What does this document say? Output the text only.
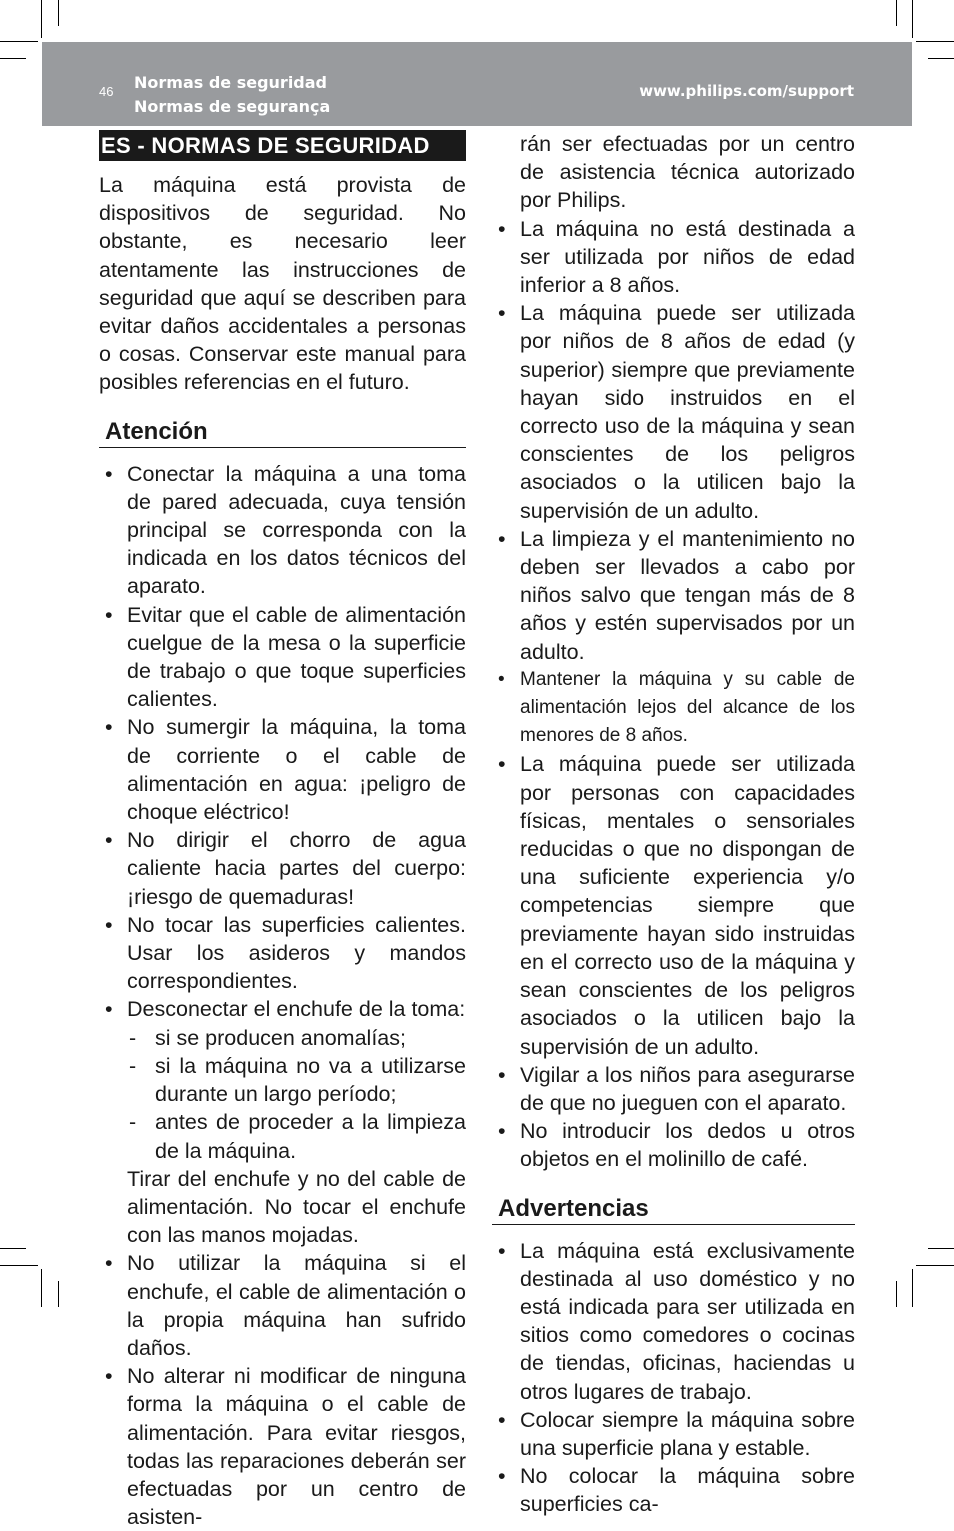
46 Normas de seguridad
Normas de segurança
www.philips.com/support
ES - NORMAS DE SEGURIDAD

La máquina está provista de dispositivos de seguridad. No obstante, es necesario leer atentamente las instrucciones de seguridad que aquí se describen para evitar daños accidentales a personas o cosas. Conservar este manual para posibles referencias en el futuro.

Atención
• Conectar la máquina a una toma de pared adecuada, cuya tensión principal se corresponda con la indicada en los datos técnicos del aparato.
• Evitar que el cable de alimentación cuelgue de la mesa o la superficie de trabajo o que toque superficies calientes.
• No sumergir la máquina, la toma de corriente o el cable de alimentación en agua: ¡peligro de choque eléctrico!
• No dirigir el chorro de agua caliente hacia partes del cuerpo: ¡riesgo de quemaduras!
• No tocar las superficies calientes. Usar los asideros y mandos correspondientes.
• Desconectar el enchufe de la toma:
- si se producen anomalías;
- si la máquina no va a utilizarse durante un largo período;
- antes de proceder a la limpieza de la máquina.

Tirar del enchufe y no del cable de alimentación. No tocar el enchufe con las manos mojadas.

• No utilizar la máquina si el enchufe, el cable de alimentación o la propia máquina han sufrido daños.
• No alterar ni modificar de ninguna forma la máquina o el cable de alimentación. Para evitar riesgos, todas las reparaciones deberán ser efectuadas por un centro de asisten-

rán ser efectuadas por un centro de asistencia técnica autorizado por Philips.

• La máquina no está destinada a ser utilizada por niños de edad inferior a 8 años.
• La máquina puede ser utilizada por niños de 8 años de edad (y superior) siempre que previamente hayan sido instruidos en el correcto uso de la máquina y sean conscientes de los peligros asociados o la utilicen bajo la supervisión de un adulto.
• La limpieza y el mantenimiento no deben ser llevados a cabo por niños salvo que tengan más de 8 años y estén supervisados por un adulto.
• Mantener la máquina y su cable de alimentación lejos del alcance de los menores de 8 años.
• La máquina puede ser utilizada por personas con capacidades físicas, mentales o sensoriales reducidas o que no dispongan de una suficiente experiencia y/o competencias siempre que previamente hayan sido instruidas en el correcto uso de la máquina y sean conscientes de los peligros asociados o la utilicen bajo la supervisión de un adulto.
• Vigilar a los niños para asegurarse de que no jueguen con el aparato.
• No introducir los dedos u otros objetos en el molinillo de café.
Advertencias
• La máquina está exclusivamente destinada al uso doméstico y no está indicada para ser utilizada en sitios como comedores o cocinas de tiendas, oficinas, haciendas u otros lugares de trabajo.
• Colocar siempre la máquina sobre una superficie plana y estable.
• No colocar la máquina sobre superficies ca-
